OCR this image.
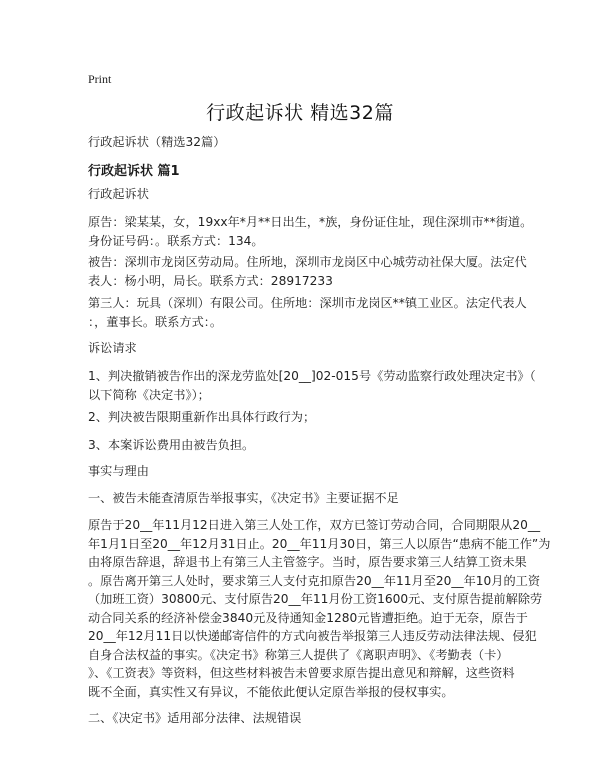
Print
行政起诉状 精选32篇
行政起诉状（精选32篇）
行政起诉状 篇1
行政起诉状
原告：梁某某，女，19xx年*月**日出生，*族，身份证住址，现住深圳市**街道。
身份证号码：。联系方式：134。
被告：深圳市龙岗区劳动局。住所地，深圳市龙岗区中心城劳动社保大厦。法定代
表人：杨小明，局长。联系方式：28917233
第三人：玩具（深圳）有限公司。住所地：深圳市龙岗区**镇工业区。法定代表人
：，董事长。联系方式：。
诉讼请求
1、判决撤销被告作出的深龙劳监处[20__]02-015号《劳动监察行政处理决定书》（
以下简称《决定书》）；
2、判决被告限期重新作出具体行政行为；
3、本案诉讼费用由被告负担。
事实与理由
一、被告未能查清原告举报事实，《决定书》主要证据不足
原告于20__年11月12日进入第三人处工作，双方已签订劳动合同，合同期限从20__
年1月1日至20__年12月31日止。20__年11月30日，第三人以原告“患病不能工作”为
由将原告辞退，辞退书上有第三人主管签字。当时，原告要求第三人结算工资未果
。原告离开第三人处时，要求第三人支付克扣原告20__年11月至20__年10月的工资
（加班工资）30800元、支付原告20__年11月份工资1600元、支付原告提前解除劳
动合同关系的经济补偿金3840元及待通知金1280元皆遭拒绝。迫于无奈，原告于
20__年12月11日以快递邮寄信件的方式向被告举报第三人违反劳动法律法规、侵犯
自身合法权益的事实。《决定书》称第三人提供了《离职声明》、《考勤表（卡）
》、《工资表》等资料，但这些材料被告未曾要求原告提出意见和辩解，这些资料
既不全面，真实性又有异议，不能依此便认定原告举报的侵权事实。
二、《决定书》适用部分法律、法规错误
